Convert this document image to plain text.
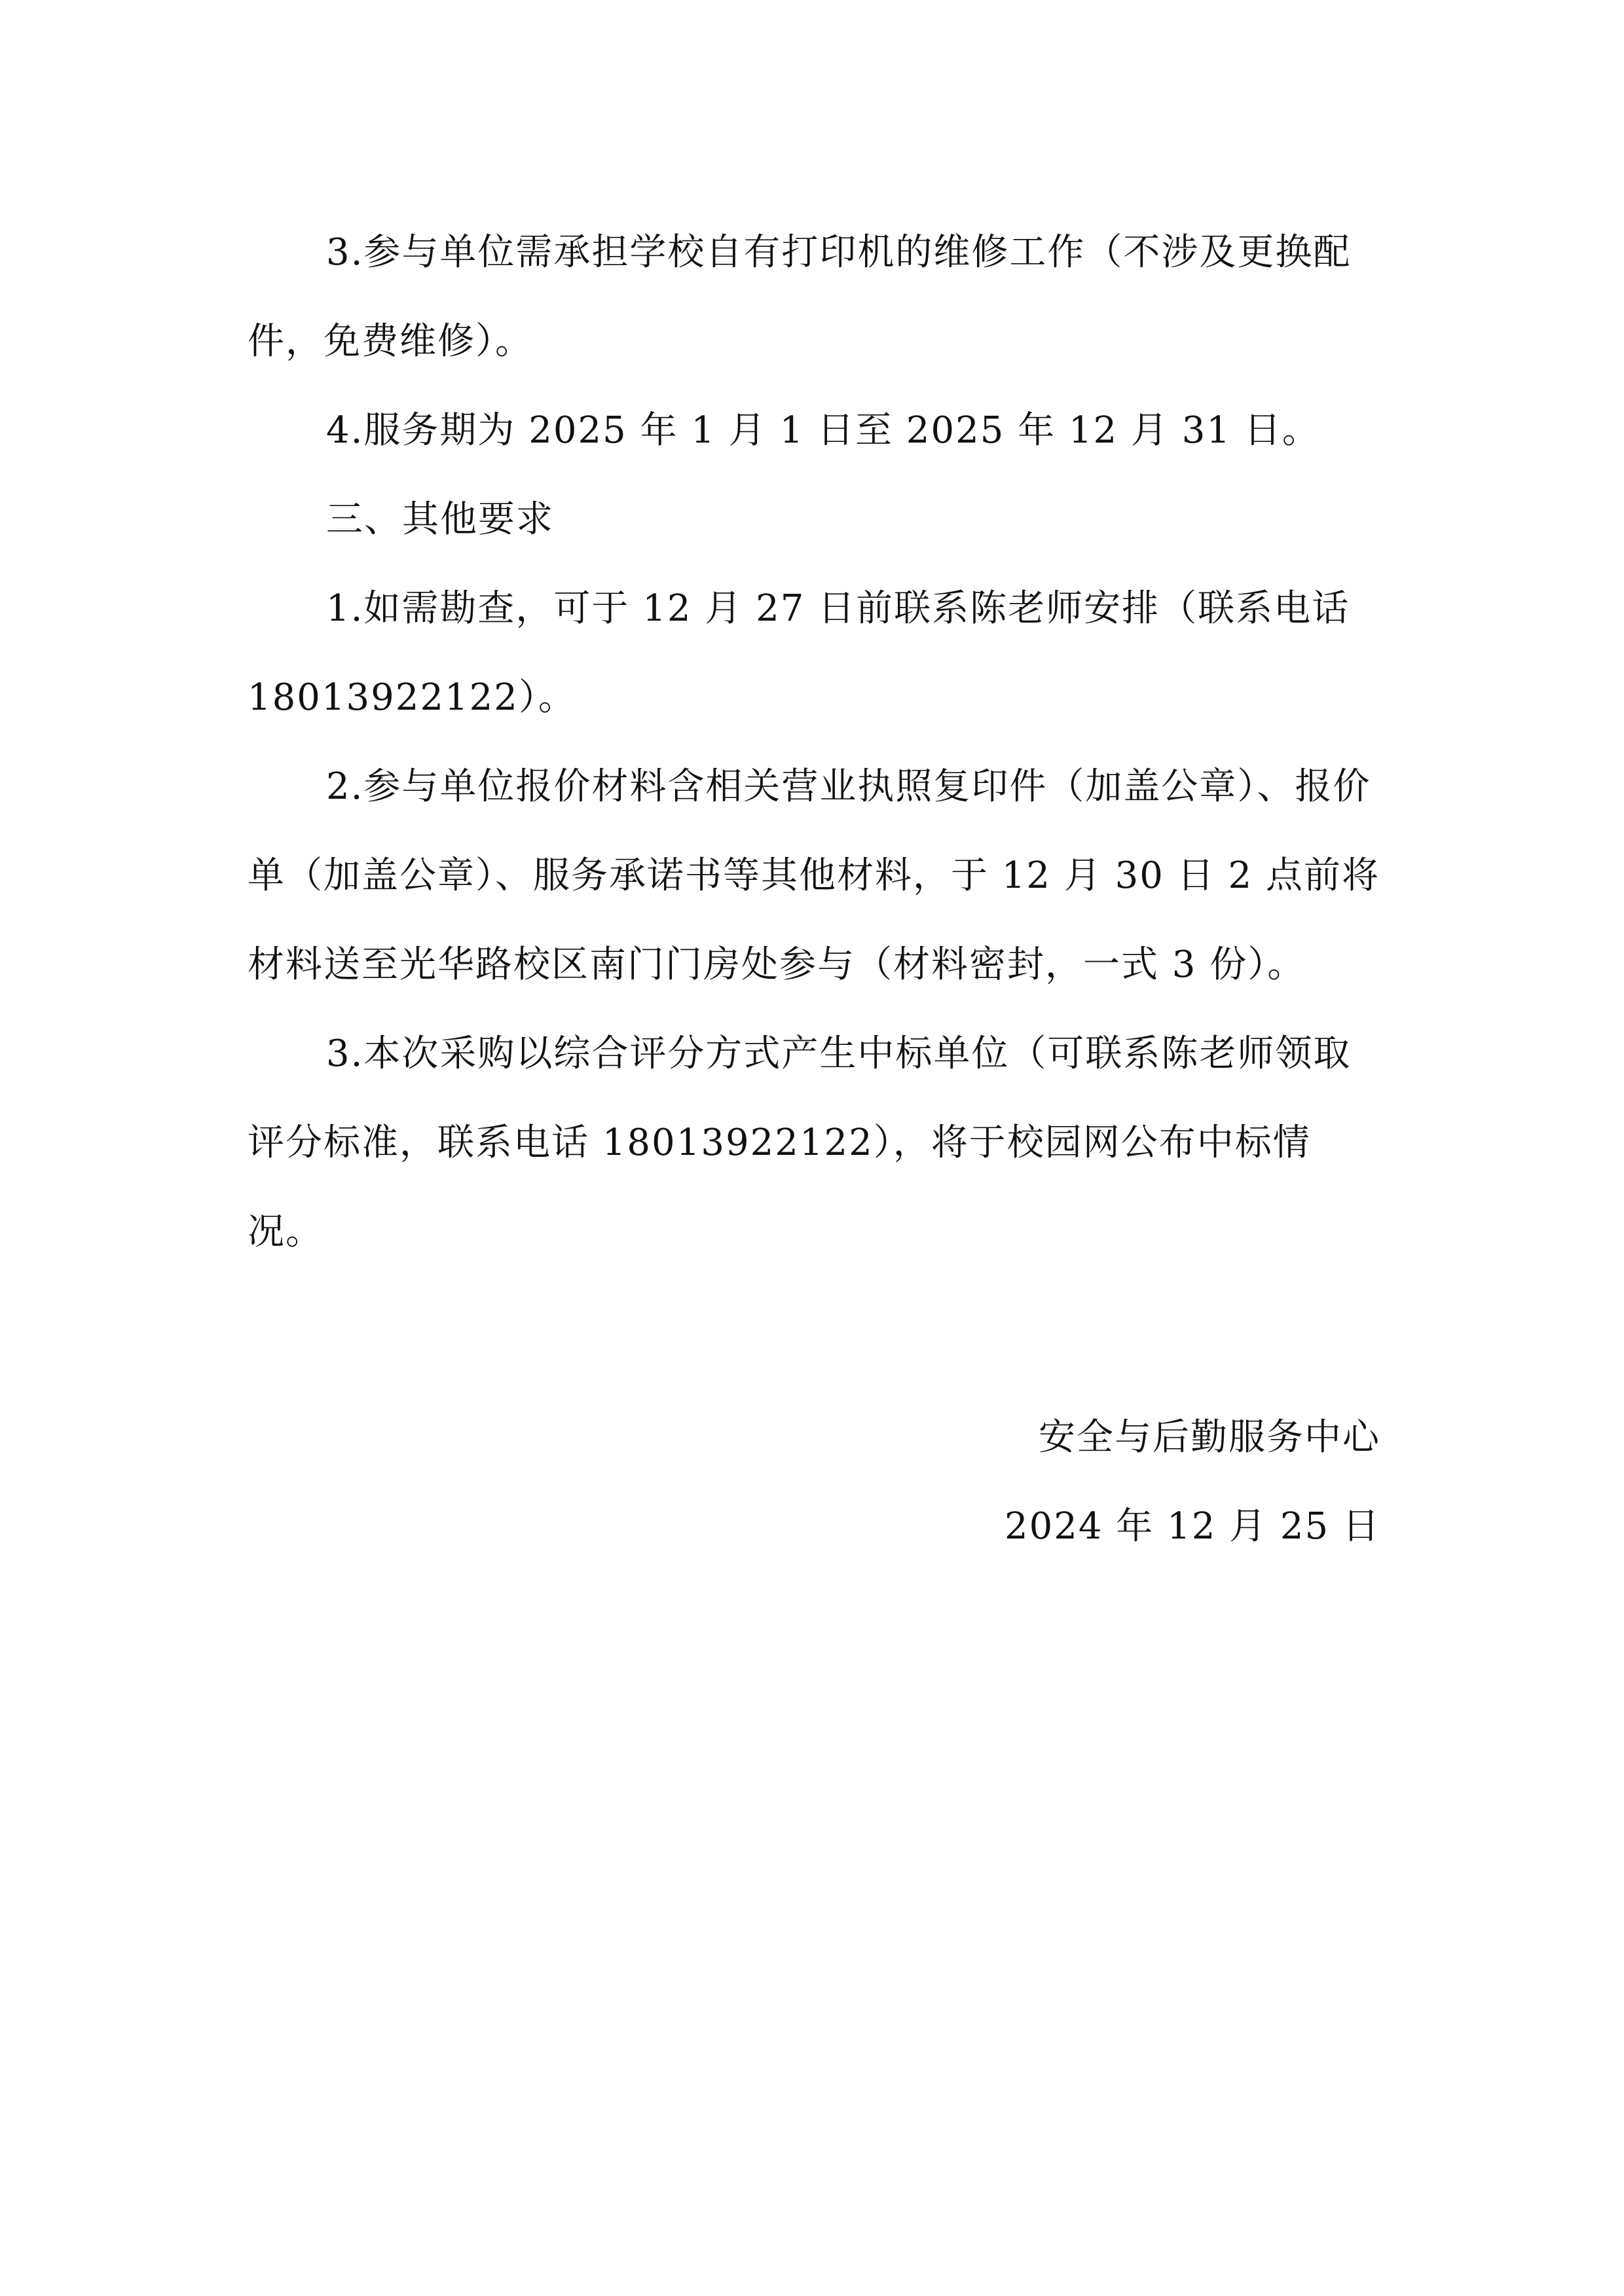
3.参与单位需承担学校自有打印机的维修工作（不涉及更换配件，免费维修）。

4.服务期为 2025 年 1 月 1 日至 2025 年 12 月 31 日。

三、其他要求

1.如需勘查，可于 12 月 27 日前联系陈老师安排（联系电话 18013922122）。

2.参与单位报价材料含相关营业执照复印件（加盖公章）、报价单（加盖公章）、服务承诺书等其他材料，于 12 月 30 日 2 点前将材料送至光华路校区南门门房处参与（材料密封，一式 3 份）。

3.本次采购以综合评分方式产生中标单位（可联系陈老师领取评分标准，联系电话 18013922122），将于校园网公布中标情况。

安全与后勤服务中心

2024 年 12 月 25 日
